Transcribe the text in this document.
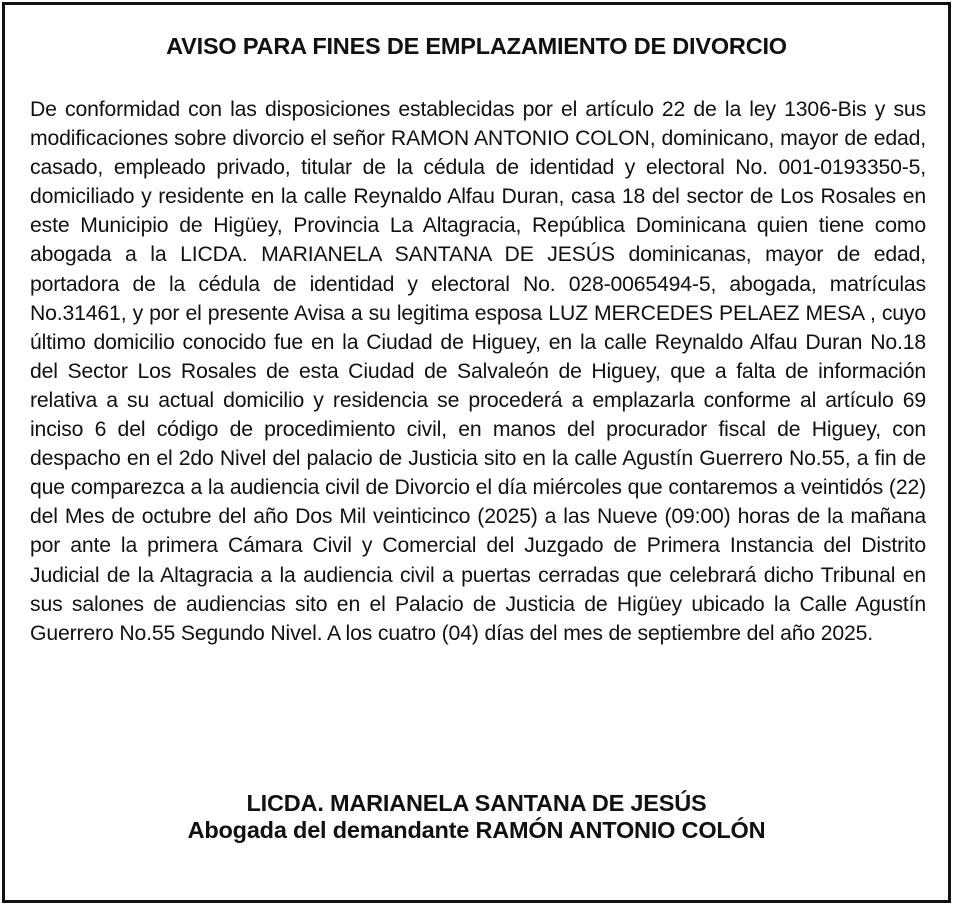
AVISO PARA FINES DE EMPLAZAMIENTO DE DIVORCIO

De conformidad con las disposiciones establecidas por el artículo 22 de la ley 1306-Bis y sus modificaciones sobre divorcio el señor RAMON ANTONIO COLON, dominicano, mayor de edad, casado, empleado privado, titular de la cédula de identidad y electoral No. 001-0193350-5, domiciliado y residente en la calle Reynaldo Alfau Duran, casa 18 del sector de Los Rosales en este Municipio de Higüey, Provincia La Altagracia, República Dominicana quien tiene como abogada a la LICDA. MARIANELA SANTANA DE JESÚS dominicanas, mayor de edad, portadora de la cédula de identidad y electoral No. 028-0065494-5, abogada, matrículas No.31461, y por el presente Avisa a su legitima esposa LUZ MERCEDES PELAEZ MESA , cuyo último domicilio conocido fue en la Ciudad de Higuey, en la calle Reynaldo Alfau Duran No.18 del Sector Los Rosales de esta Ciudad de Salvaleón de Higuey, que a falta de información relativa a su actual domicilio y residencia se procederá a emplazarla conforme al artículo 69 inciso 6 del código de procedimiento civil, en manos del procurador fiscal de Higuey, con despacho en el 2do Nivel del palacio de Justicia sito en la calle Agustín Guerrero No.55, a fin de que comparezca a la audiencia civil de Divorcio el día miércoles que contaremos a veintidós (22) del Mes de octubre del año Dos Mil veinticinco (2025) a las Nueve (09:00) horas de la mañana por ante la primera Cámara Civil y Comercial del Juzgado de Primera Instancia del Distrito Judicial de la Altagracia a la audiencia civil a puertas cerradas que celebrará dicho Tribunal en sus salones de audiencias sito en el Palacio de Justicia de Higüey ubicado la Calle Agustín Guerrero No.55 Segundo Nivel. A los cuatro (04) días del mes de septiembre del año 2025.

LICDA. MARIANELA SANTANA DE JESÚS
Abogada del demandante RAMÓN ANTONIO COLÓN
